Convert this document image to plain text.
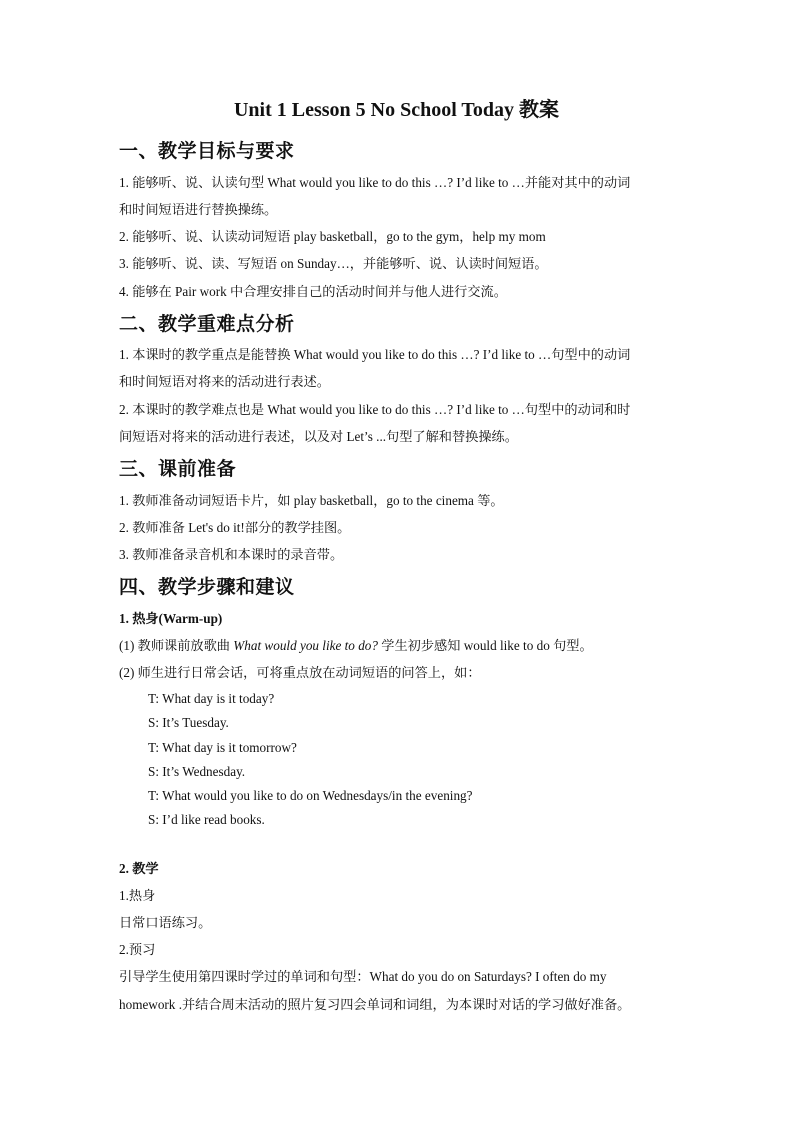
Unit 1 Lesson 5 No School Today 教案
一、教学目标与要求
1. 能够听、说、认读句型 What would you like to do this …? I’d like to …并能对其中的动词
和时间短语进行替换操练。
2. 能够听、说、认读动词短语 play basketball，go to the gym，help my mom
3. 能够听、说、读、写短语 on Sunday…，并能够听、说、认读时间短语。
4. 能够在 Pair work 中合理安排自己的活动时间并与他人进行交流。
二、教学重难点分析
1. 本课时的教学重点是能替换 What would you like to do this …? I’d like to …句型中的动词
和时间短语对将来的活动进行表述。
2. 本课时的教学难点也是 What would you like to do this …? I’d like to …句型中的动词和时
间短语对将来的活动进行表述，以及对 Let’s ...句型了解和替换操练。
三、课前准备
1. 教师准备动词短语卡片，如 play basketball，go to the cinema 等。
2. 教师准备 Let's do it!部分的教学挂图。
3. 教师准备录音机和本课时的录音带。
四、教学步骤和建议
1. 热身(Warm-up)
(1) 教师课前放歌曲 What would you like to do? 学生初步感知 would like to do 句型。
(2) 师生进行日常会话，可将重点放在动词短语的问答上，如：
T: What day is it today?
S: It’s Tuesday.
T: What day is it tomorrow?
S: It’s Wednesday.
T: What would you like to do on Wednesdays/in the evening?
S: I’d like read books.
2. 教学
1.热身
日常口语练习。
2.预习
引导学生使用第四课时学过的单词和句型：What do you do on Saturdays? I often do my
homework .并结合周末活动的照片复习四会单词和词组，为本课时对话的学习做好准备。
